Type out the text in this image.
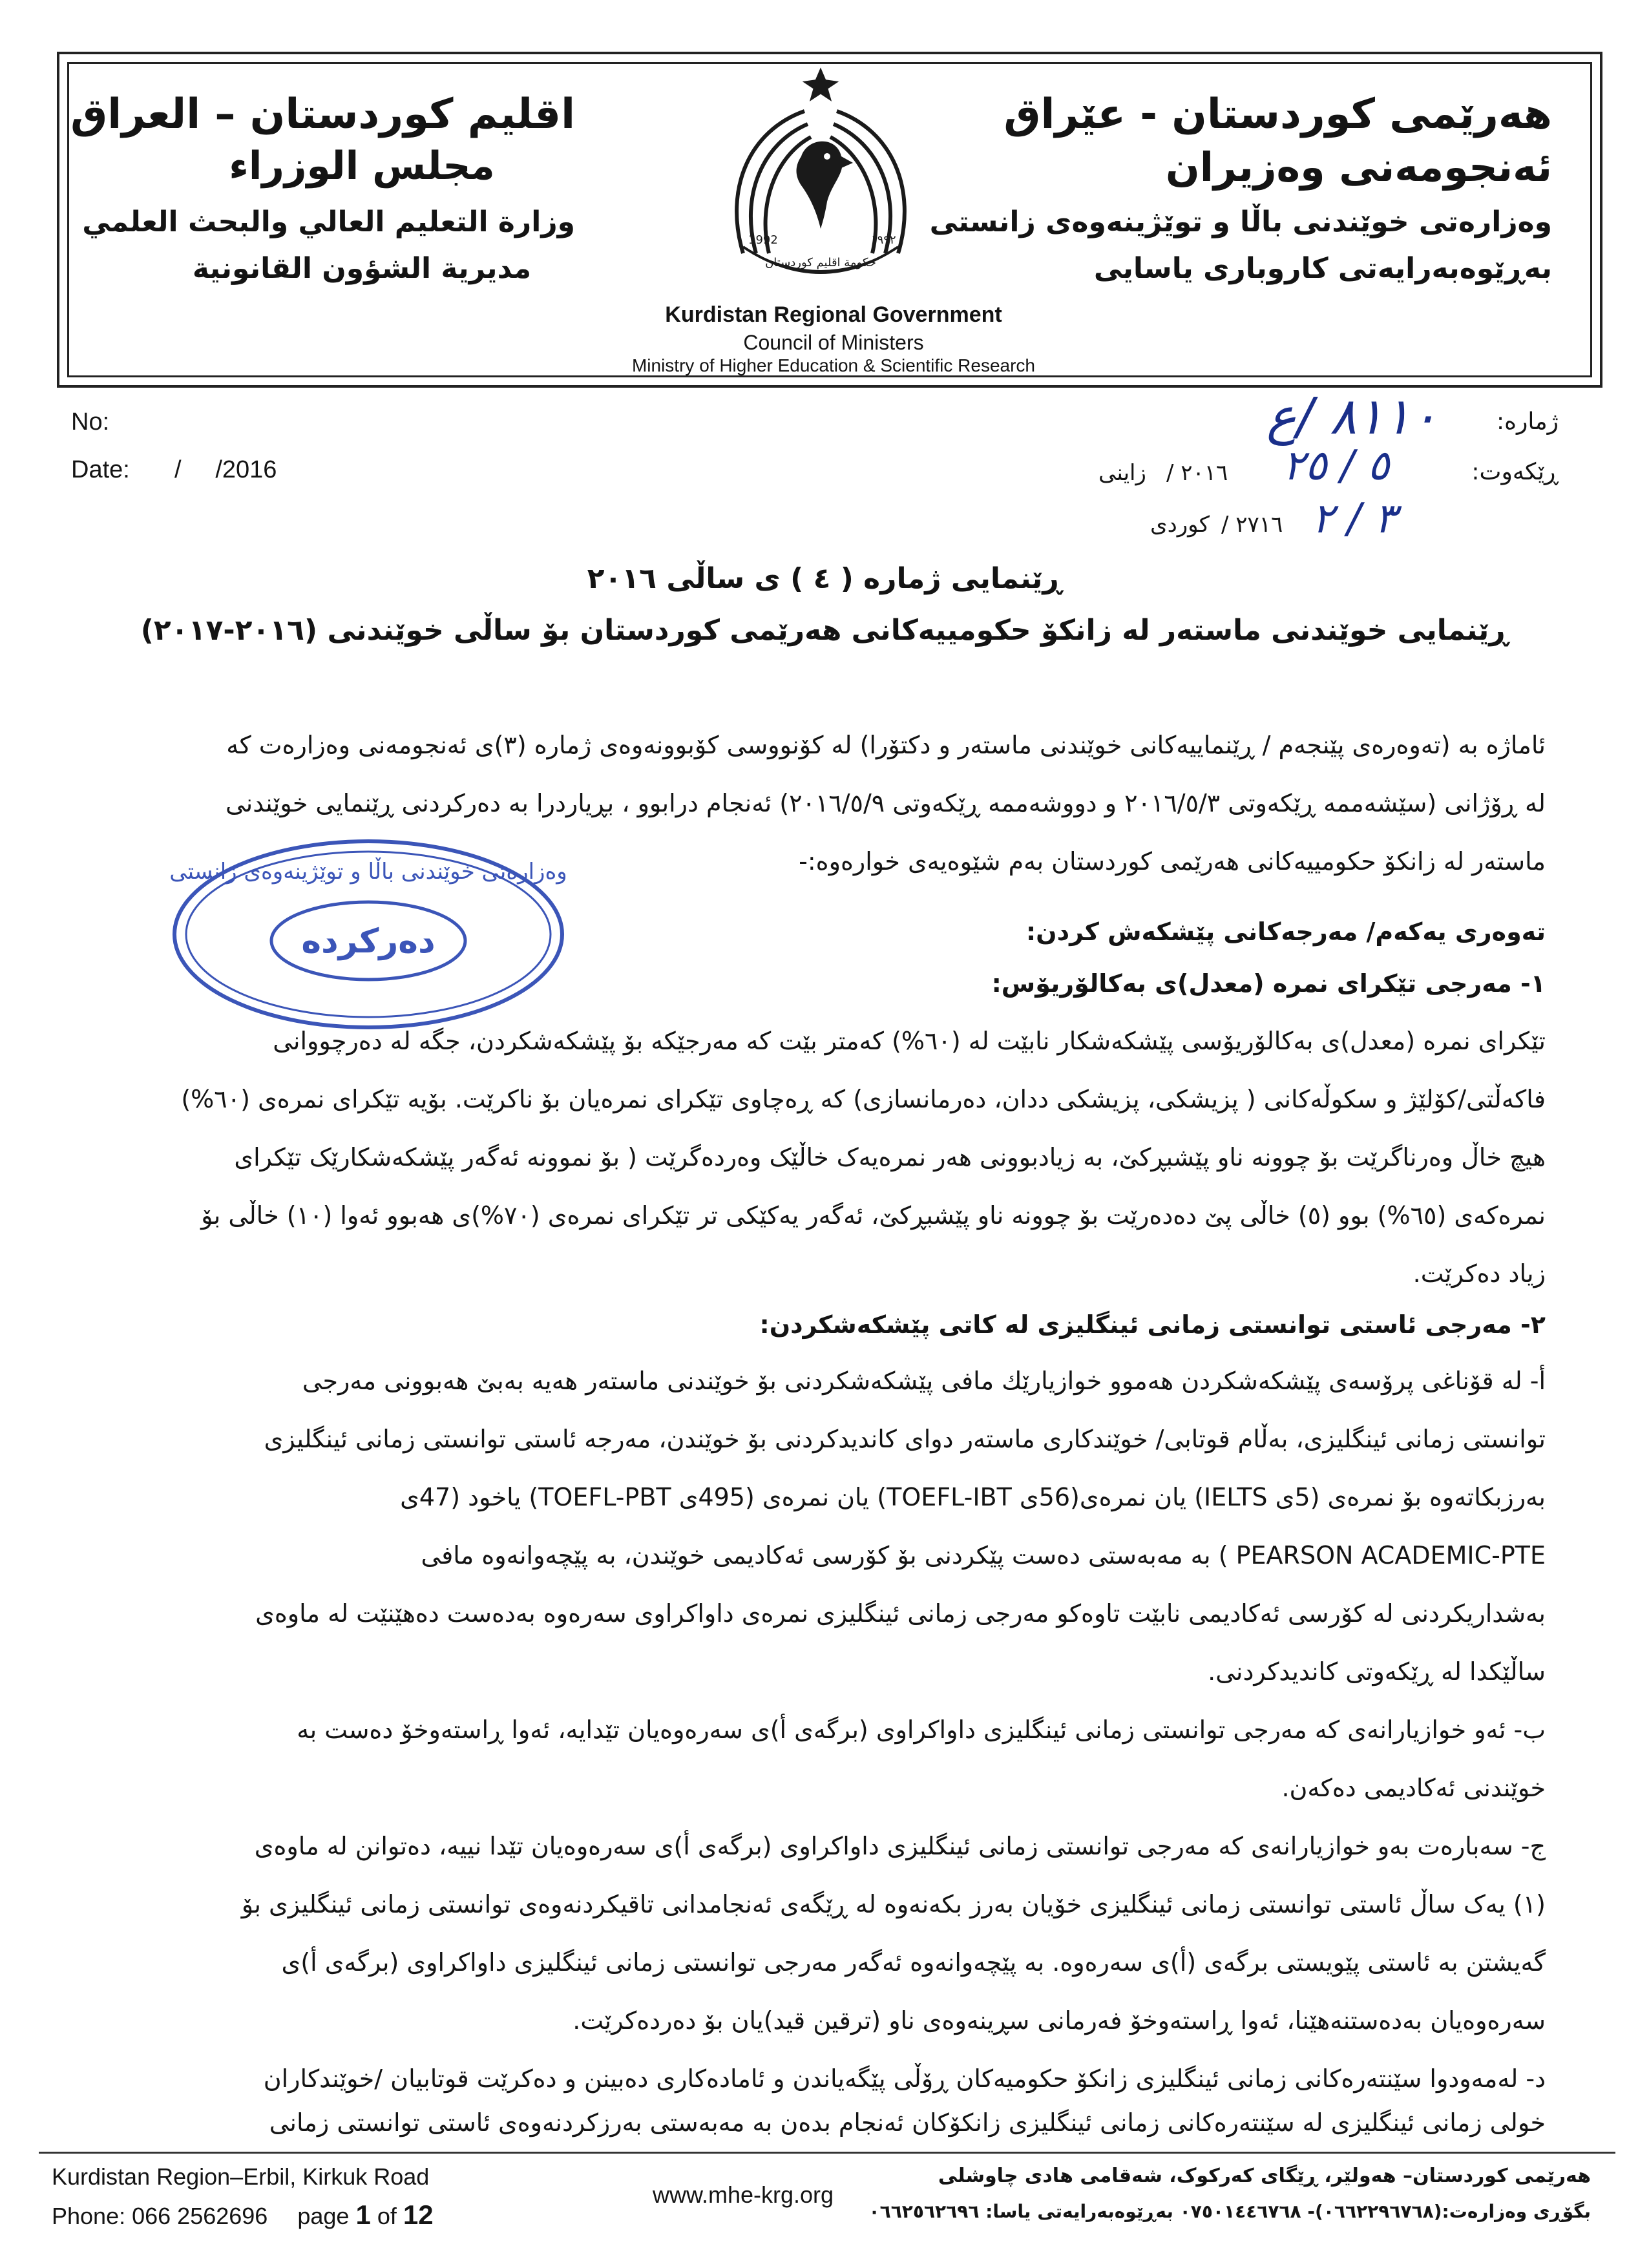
هەرێمی کوردستان - عێراق
ئەنجومەنی وەزیران
وەزارەتی خوێندنی باڵا و توێژینەوەی زانستی
بەڕێوەبەرایەتی کاروباری یاسایی
اقليم كوردستان – العراق
مجلس الوزراء
وزارة التعليم العالي والبحث العلمي
مديرية الشؤون القانونية	حكومة اقليم كوردستان
1992	١٩٩٢
Kurdistan Regional Government
Council of Ministers
Ministry of Higher Education & Scientific Research
No:
Date: /     /2016
ژمارە:
٨١١٠ /ع
ڕێکەوت:
٥ / ٢٥
٢٠١٦ /
زاینی
٣ / ٢
٢٧١٦ /
کوردی
ڕێنمایی ژمارە ( ٤ ) ی ساڵی ٢٠١٦
ڕێنمایی خوێندنی ماستەر لە زانکۆ حکومییەکانی هەرێمی کوردستان بۆ ساڵی خوێندنی (٢٠١٦-٢٠١٧)
ئاماژە بە (تەوەرەی پێنجەم / ڕێنماییەکانی خوێندنی ماستەر و دکتۆرا) لە کۆنووسی کۆبوونەوەی ژمارە (٣)ی ئەنجومەنی وەزارەت کە
لە ڕۆژانی (سێشەممە ڕێکەوتی ٢٠١٦/٥/٣ و دووشەممە ڕێکەوتی ٢٠١٦/٥/٩) ئەنجام درابوو ، بڕیاردرا بە دەرکردنی ڕێنمایی خوێندنی
ماستەر لە زانکۆ حکومییەکانی هەرێمی کوردستان بەم شێوەیەی خوارەوە:-
وەزارەتی خوێندنی باڵا و توێژینەوەی زانستی
دەرکردە	تەوەری یەکەم/ مەرجەکانی پێشکەش کردن:
١- مەرجی تێکرای نمرە (معدل)ی بەکالۆریۆس:
تێکرای نمرە (معدل)ی بەکالۆریۆسی پێشکەشکار نابێت لە (٦٠%) کەمتر بێت کە مەرجێکە بۆ پێشکەشکردن، جگە لە دەرچووانی
فاکەڵتی/کۆلێژ و سکوڵەکانی ( پزیشکی، پزیشکی ددان، دەرمانسازی) کە ڕەچاوی تێکرای نمرەیان بۆ ناکرێت. بۆیە تێکرای نمرەی (٦٠%)
هیچ خاڵ وەرناگرێت بۆ چوونە ناو پێشبڕکێ، بە زیادبوونی هەر نمرەیەک خاڵێک وەردەگرێت ( بۆ نموونە ئەگەر پێشکەشکارێک تێکرای
نمرەکەی (٦٥%) بوو (٥) خاڵی پێ دەدەرێت بۆ چوونە ناو پێشبڕکێ، ئەگەر یەکێکی تر تێکرای نمرەی (٧٠%)ی هەبوو ئەوا (١٠) خاڵی بۆ
زیاد دەکرێت.
٢- مەرجی ئاستی توانستی زمانی ئینگلیزی لە کاتی پێشکەشکردن:
أ- لە قۆناغی پرۆسەی پێشکەشکردن هەموو خوازیارێك مافی پێشکەشکردنی بۆ خوێندنی ماستەر هەیە بەبێ هەبوونی مەرجی
توانستی زمانی ئینگلیزی، بەڵام قوتابی/ خوێندکاری ماستەر دوای کاندیدکردنی بۆ خوێندن، مەرجە ئاستی توانستی زمانی ئینگلیزی
بەرزبکاتەوە بۆ نمرەی (5ی IELTS) یان نمرەی(56ی TOEFL-IBT) یان نمرەی (495ی TOEFL-PBT) یاخود (47ی
PEARSON ACADEMIC-PTE ) بە مەبەستی دەست پێکردنی بۆ کۆرسی ئەکادیمی خوێندن، بە پێچەوانەوە مافی
بەشداریکردنی لە کۆرسی ئەکادیمی نابێت تاوەکو مەرجی زمانی ئینگلیزی نمرەی داواکراوی سەرەوە بەدەست دەهێنێت لە ماوەی
ساڵێکدا لە ڕێکەوتی کاندیدکردنی.
ب- ئەو خوازیارانەی کە مەرجی توانستی زمانی ئینگلیزی داواکراوی (برگەی أ)ی سەرەوەیان تێدایە، ئەوا ڕاستەوخۆ دەست بە
خوێندنی ئەکادیمی دەکەن.
ج- سەبارەت بەو خوازیارانەی کە مەرجی توانستی زمانی ئینگلیزی داواکراوی (برگەی أ)ی سەرەوەیان تێدا نییە، دەتوانن لە ماوەی
(١) یەک ساڵ ئاستی توانستی زمانی ئینگلیزی خۆیان بەرز بکەنەوە لە ڕێگەی ئەنجامدانی تاقیکردنەوەی توانستی زمانی ئینگلیزی بۆ
گەیشتن بە ئاستی پێویستی برگەی (أ)ی سەرەوە. بە پێچەوانەوە ئەگەر مەرجی توانستی زمانی ئینگلیزی داواکراوی (برگەی أ)ی
سەرەوەیان بەدەستنەهێنا، ئەوا ڕاستەوخۆ فەرمانی سڕینەوەی ناو (ترقین قید)یان بۆ دەردەکرێت.
د- لەمەودوا سێنتەرەکانی زمانی ئینگلیزی زانکۆ حکومیەکان ڕۆڵی پێگەیاندن و ئامادەکاری دەبینن و دەکرێت قوتابیان /خوێندکاران
خولی زمانی ئینگلیزی لە سێنتەرەکانی زمانی ئینگلیزی زانکۆکان ئەنجام بدەن بە مەبەستی بەرزکردنەوەی ئاستی توانستی زمانی
Kurdistan Region–Erbil, Kirkuk Road
Phone: 066 2562696 page 1 of 12
www.mhe-krg.org
هەرێمی کوردستان– هەولێر، ڕێگای کەرکوک، شەقامی هادی چاوشلی
بگۆڕی وەزارەت:(٠٦٦٢٢٩٦٧٦٨)- ٠٧٥٠١٤٤٦٧٦٨ بەڕێوەبەرایەتی یاسا: ٠٦٦٢٥٦٢٦٩٦
